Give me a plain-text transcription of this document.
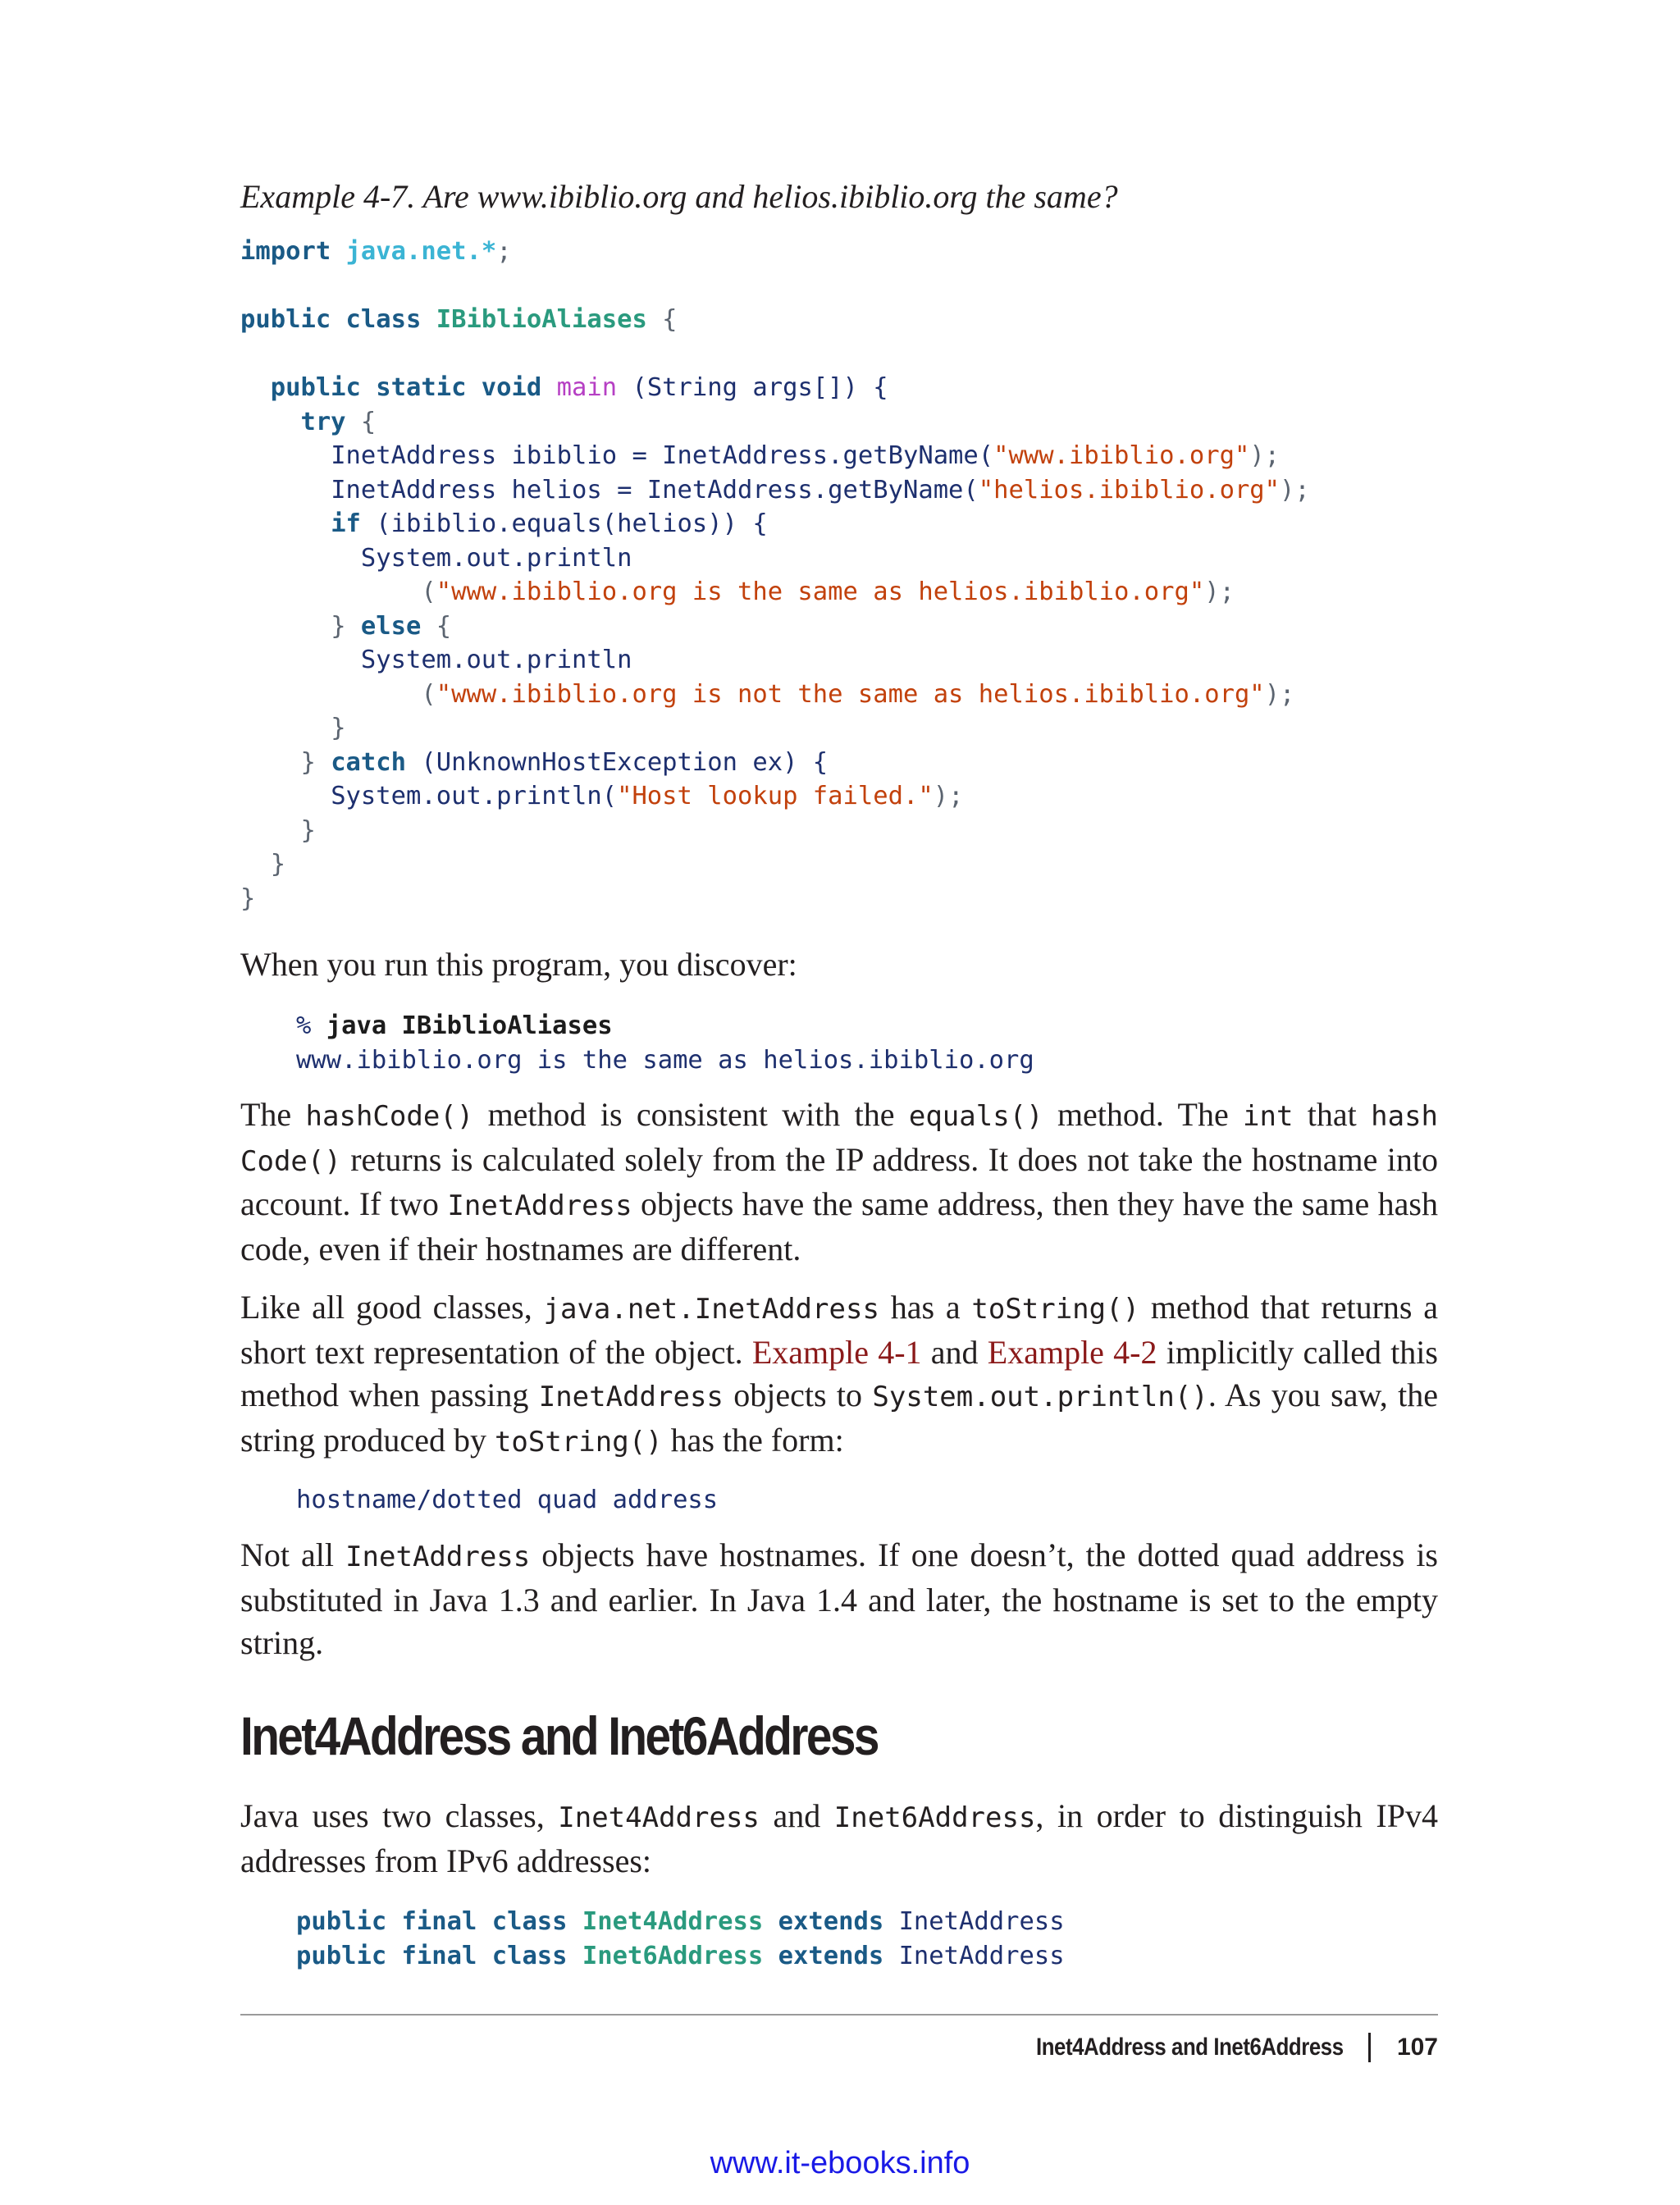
Example 4-7. Are www.ibiblio.org and helios.ibiblio.org the same?
import java.net.*;

public class IBiblioAliases {

public static void main (String args[]) {
try {
InetAddress ibiblio = InetAddress.getByName("www.ibiblio.org");
InetAddress helios = InetAddress.getByName("helios.ibiblio.org");
if (ibiblio.equals(helios)) {
System.out.println
("www.ibiblio.org is the same as helios.ibiblio.org");
} else {
System.out.println
("www.ibiblio.org is not the same as helios.ibiblio.org");
}
} catch (UnknownHostException ex) {
System.out.println("Host lookup failed.");
}
}
}

When you run this program, you discover:

% java IBiblioAliases
www.ibiblio.org is the same as helios.ibiblio.org

The hashCode() method is consistent with the equals() method. The int that hash Code() returns is calculated solely from the IP address. It does not take the hostname into account. If two InetAddress objects have the same address, then they have the same hash code, even if their hostnames are different.

Like all good classes, java.net.InetAddress has a toString() method that returns a short text representation of the object. Example 4-1 and Example 4-2 implicitly called this method when passing InetAddress objects to System.out.println(). As you saw, the string produced by toString() has the form:

hostname/dotted quad address

Not all InetAddress objects have hostnames. If one doesn’t, the dotted quad address is substituted in Java 1.3 and earlier. In Java 1.4 and later, the hostname is set to the empty string.

Inet4Address and Inet6Address

Java uses two classes, Inet4Address and Inet6Address, in order to distinguish IPv4 addresses from IPv6 addresses:

public final class Inet4Address extends InetAddress
public final class Inet6Address extends InetAddress
Inet4Address and Inet6Address 107
www.it-ebooks.info
